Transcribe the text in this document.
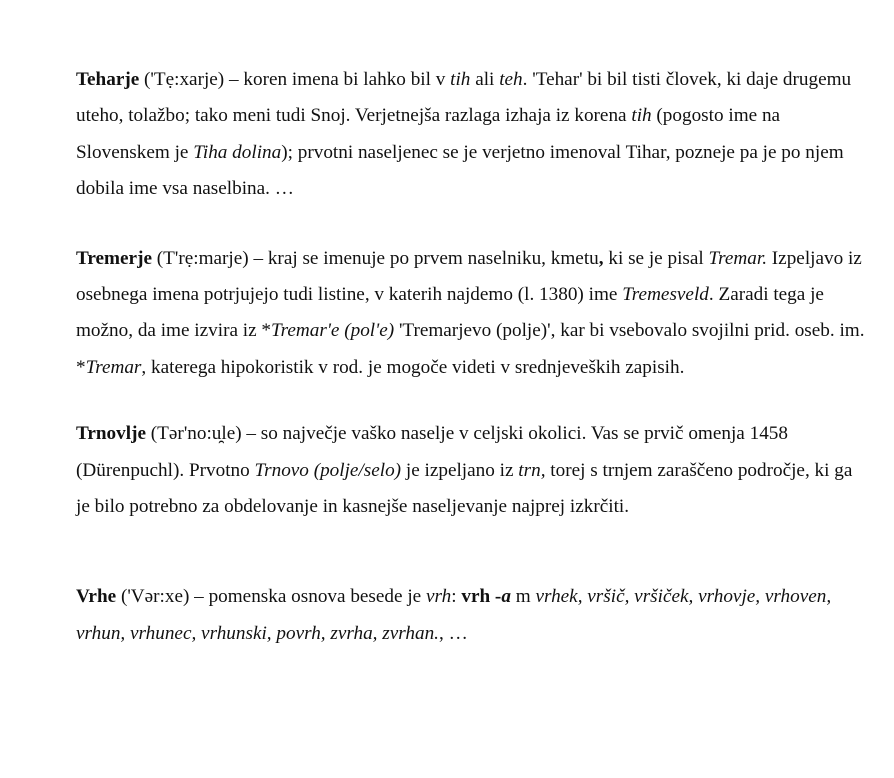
Teharje ('Tẹ:xarje) – koren imena bi lahko bil v tih ali teh. 'Tehar' bi bil tisti človek, ki daje drugemu uteho, tolažbo; tako meni tudi Snoj. Verjetnejša razlaga izhaja iz korena tih (pogosto ime na Slovenskem je Tiha dolina); prvotni naseljenec se je verjetno imenoval Tihar, pozneje pa je po njem dobila ime vsa naselbina. …

Tremerje (T'rẹ:marje) – kraj se imenuje po prvem naselniku, kmetu, ki se je pisal Tremar. Izpeljavo iz osebnega imena potrjujejo tudi listine, v katerih najdemo (l. 1380) ime Tremesveld. Zaradi tega je možno, da ime izvira iz *Tremar'e (pol'e) 'Tremarjevo (polje)', kar bi vsebovalo svojilni prid. oseb. im. *Tremar, katerega hipokoristik v rod. je mogoče videti v srednjeveških zapisih.

Trnovlje (Tər'no:u̯le) – so največje vaško naselje v celjski okolici. Vas se prvič omenja 1458 (Dürenpuchl). Prvotno Trnovo (polje/selo) je izpeljano iz trn, torej s trnjem zaraščeno področje, ki ga je bilo potrebno za obdelovanje in kasnejše naseljevanje najprej izkrčiti.

Vrhe ('Vər:xe) – pomenska osnova besede je vrh: vrh -a m vrhek, vršič, vršiček, vrhovje, vrhoven, vrhun, vrhunec, vrhunski, povrh, zvrha, zvrhan., …
